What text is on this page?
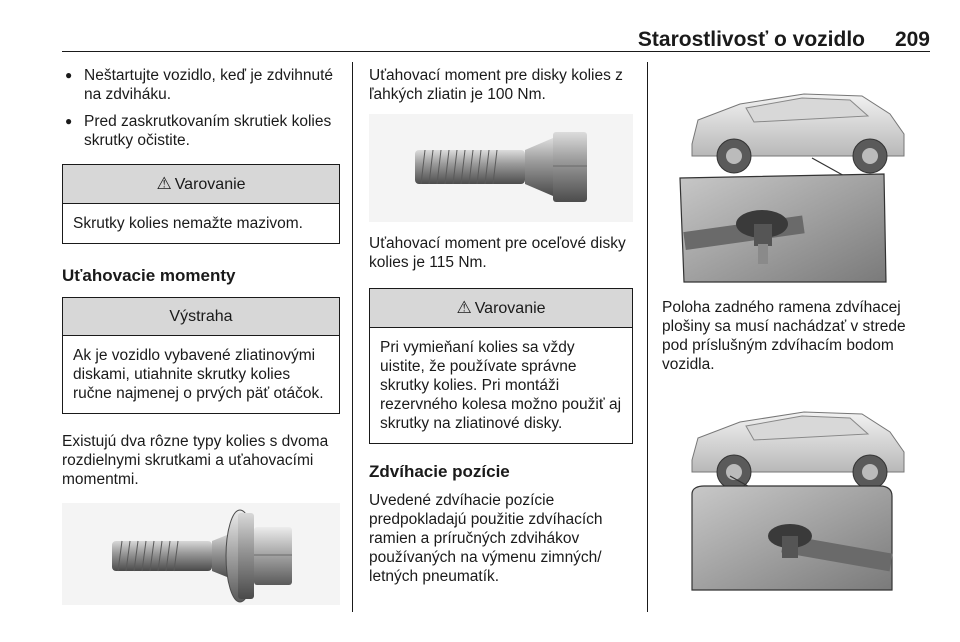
Starostlivosť o vozidlo	209
● Neštartujte vozidlo, keď je zdvihnuté na zdviháku.
● Pred zaskrutkovaním skrutiek kolies skrutky očistite.
⚠ Varovanie
Skrutky kolies nemažte mazivom.
Uťahovacie momenty
Výstraha
Ak je vozidlo vybavené zliatinovými diskami, utiahnite skrutky kolies ručne najmenej o prvých päť otáčok.

Existujú dva rôzne typy kolies s dvoma rozdielnymi skrutkami a uťahovacími momentmi.

Uťahovací moment pre disky kolies z ľahkých zliatin je 100 Nm.

Uťahovací moment pre oceľové disky kolies je 115 Nm.

⚠ Varovanie
Pri vymieňaní kolies sa vždy uistite, že používate správne skrutky kolies. Pri montáži rezervného kolesa možno použiť aj skrutky na zliatinové disky.
Zdvíhacie pozície

Uvedené zdvíhacie pozície predpokladajú použitie zdvíhacích ramien a príručných zdvihákov používaných na výmenu zimných/ letných pneumatík.

Poloha zadného ramena zdvíhacej plošiny sa musí nachádzať v strede pod príslušným zdvíhacím bodom vozidla.
